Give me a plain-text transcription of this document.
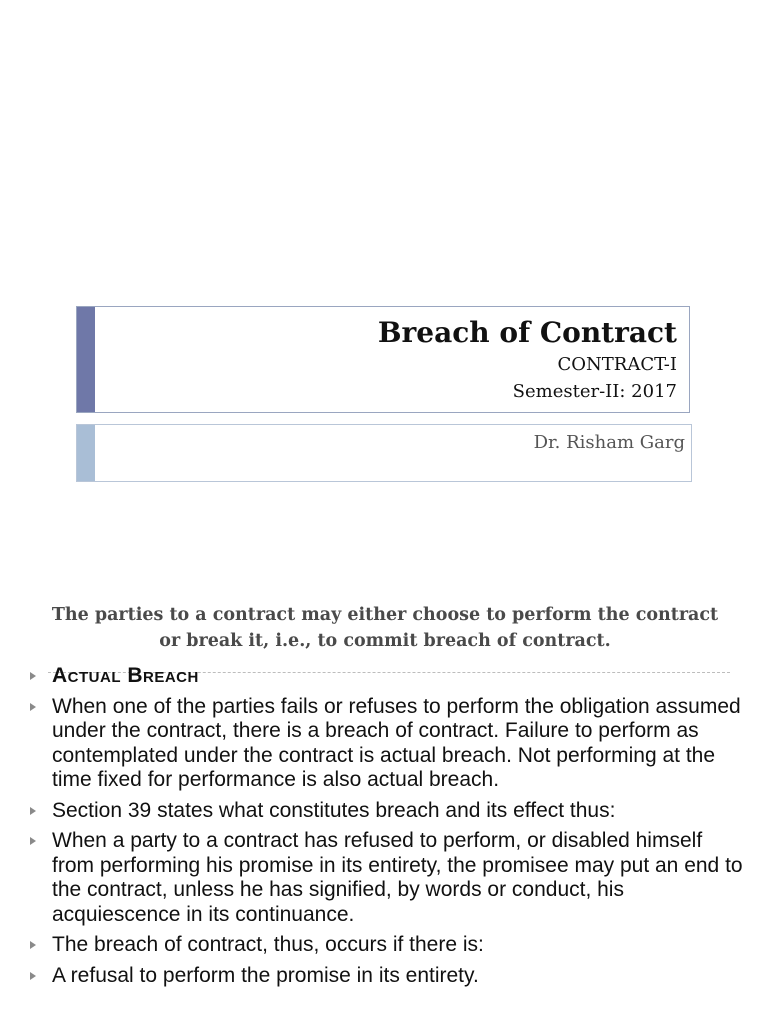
Breach of Contract
CONTRACT-I
Semester-II: 2017
Dr. Risham Garg
The parties to a contract may either choose to perform the contract or break it, i.e., to commit breach of contract.
Actual Breach
When one of the parties fails or refuses to perform the obligation assumed under the contract, there is a breach of contract. Failure to perform as contemplated under the contract is actual breach. Not performing at the time fixed for performance is also actual breach.
Section 39 states what constitutes breach and its effect thus:
When a party to a contract has refused to perform, or disabled himself from performing his promise in its entirety, the promisee may put an end to the contract, unless he has signified, by words or conduct, his acquiescence in its continuance.
The breach of contract, thus, occurs if there is:
A refusal to perform the promise in its entirety.
